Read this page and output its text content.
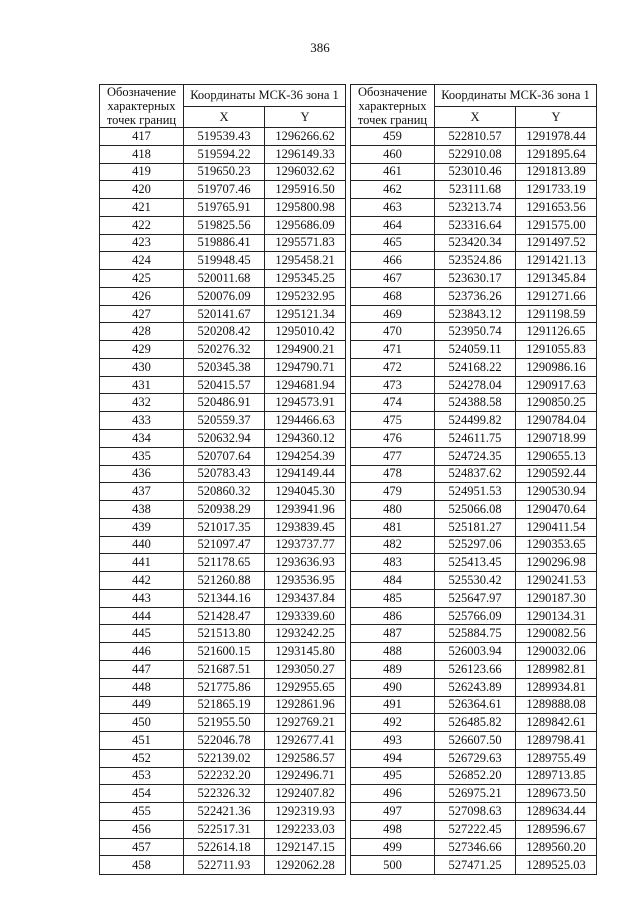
386
Обозначение характерных точек границ	Координаты МСК-36 зона 1	
	X	Y
417	519539.43	1296266.62
418	519594.22	1296149.33
419	519650.23	1296032.62
420	519707.46	1295916.50
421	519765.91	1295800.98
422	519825.56	1295686.09
423	519886.41	1295571.83
424	519948.45	1295458.21
425	520011.68	1295345.25
426	520076.09	1295232.95
427	520141.67	1295121.34
428	520208.42	1295010.42
429	520276.32	1294900.21
430	520345.38	1294790.71
431	520415.57	1294681.94
432	520486.91	1294573.91
433	520559.37	1294466.63
434	520632.94	1294360.12
435	520707.64	1294254.39
436	520783.43	1294149.44
437	520860.32	1294045.30
438	520938.29	1293941.96
439	521017.35	1293839.45
440	521097.47	1293737.77
441	521178.65	1293636.93
442	521260.88	1293536.95
443	521344.16	1293437.84
444	521428.47	1293339.60
445	521513.80	1293242.25
446	521600.15	1293145.80
447	521687.51	1293050.27
448	521775.86	1292955.65
449	521865.19	1292861.96
450	521955.50	1292769.21
451	522046.78	1292677.41
452	522139.02	1292586.57
453	522232.20	1292496.71
454	522326.32	1292407.82
455	522421.36	1292319.93
456	522517.31	1292233.03
457	522614.18	1292147.15
458	522711.93	1292062.28
Обозначение характерных точек границ	Координаты МСК-36 зона 1	
	X	Y
459	522810.57	1291978.44
460	522910.08	1291895.64
461	523010.46	1291813.89
462	523111.68	1291733.19
463	523213.74	1291653.56
464	523316.64	1291575.00
465	523420.34	1291497.52
466	523524.86	1291421.13
467	523630.17	1291345.84
468	523736.26	1291271.66
469	523843.12	1291198.59
470	523950.74	1291126.65
471	524059.11	1291055.83
472	524168.22	1290986.16
473	524278.04	1290917.63
474	524388.58	1290850.25
475	524499.82	1290784.04
476	524611.75	1290718.99
477	524724.35	1290655.13
478	524837.62	1290592.44
479	524951.53	1290530.94
480	525066.08	1290470.64
481	525181.27	1290411.54
482	525297.06	1290353.65
483	525413.45	1290296.98
484	525530.42	1290241.53
485	525647.97	1290187.30
486	525766.09	1290134.31
487	525884.75	1290082.56
488	526003.94	1290032.06
489	526123.66	1289982.81
490	526243.89	1289934.81
491	526364.61	1289888.08
492	526485.82	1289842.61
493	526607.50	1289798.41
494	526729.63	1289755.49
495	526852.20	1289713.85
496	526975.21	1289673.50
497	527098.63	1289634.44
498	527222.45	1289596.67
499	527346.66	1289560.20
500	527471.25	1289525.03
